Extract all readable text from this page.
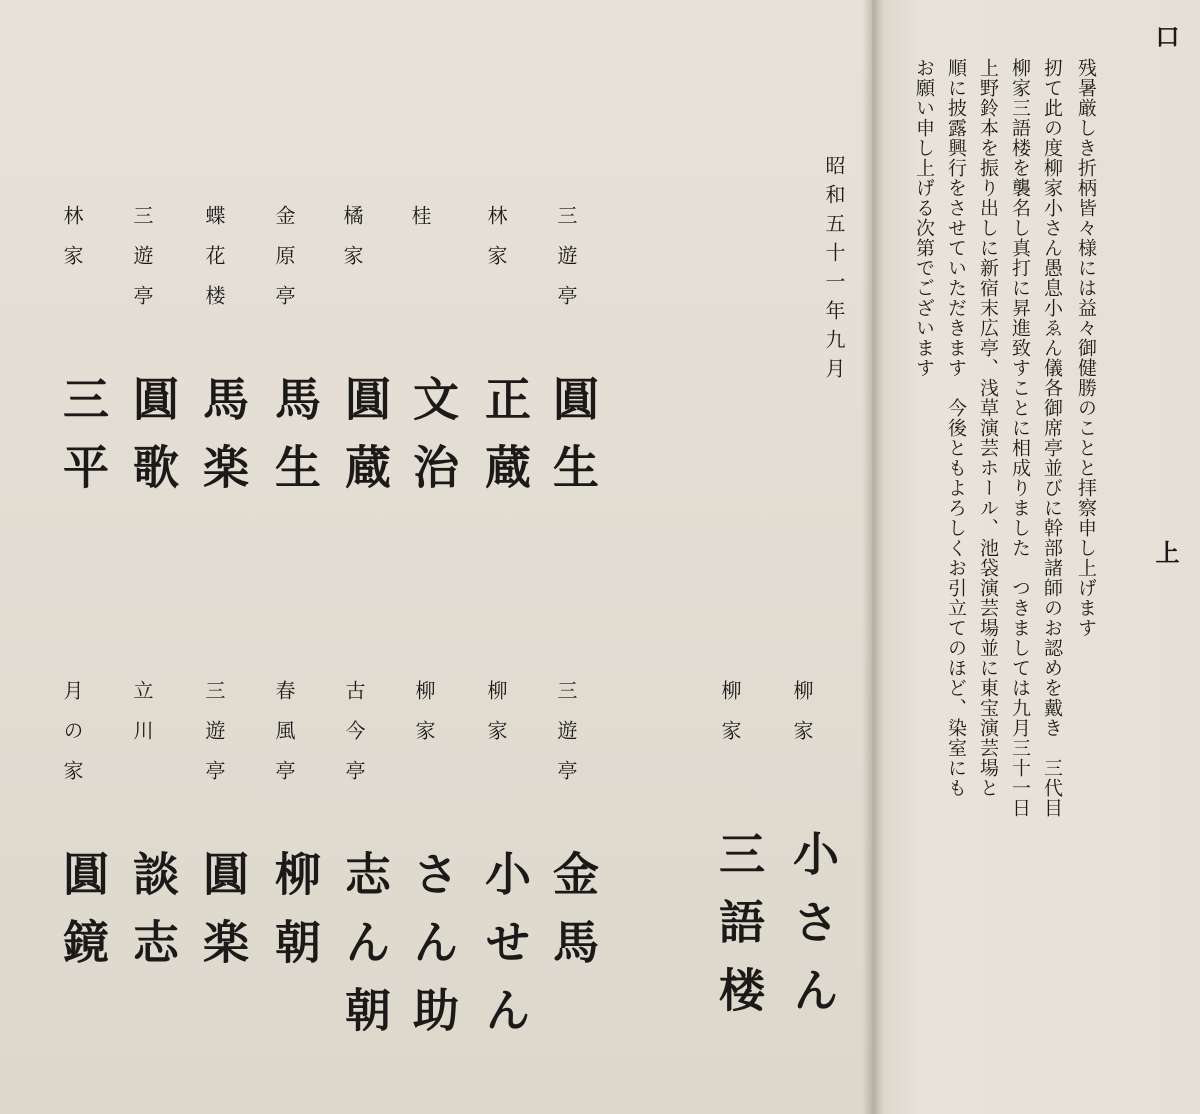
口
上
残暑厳しき折柄皆々様には益々御健勝のことと拝察申し上げます
扨て此の度柳家小さん愚息小ゑん儀各御席亭並びに幹部諸師のお認めを戴き　三代目
柳家三語楼を襲名し真打に昇進致すことに相成りました　つきましては九月三十一日
上野鈴本を振り出しに新宿末広亭、浅草演芸ホール、池袋演芸場並に東宝演芸場と
順に披露興行をさせていただきます　今後ともよろしくお引立てのほど、染室にも
お願い申し上げる次第でございます
昭和五十一年九月
柳家
小さん
柳家
三語楼
三遊亭
圓生
林家
正蔵
桂
文治
橘家
圓蔵
金原亭
馬生
蝶花楼
馬楽
三遊亭
圓歌
林家
三平
三遊亭
金馬
柳家
小せん
柳家
さん助
古今亭
志ん朝
春風亭
柳朝
三遊亭
圓楽
立川
談志
月の家
圓鏡
